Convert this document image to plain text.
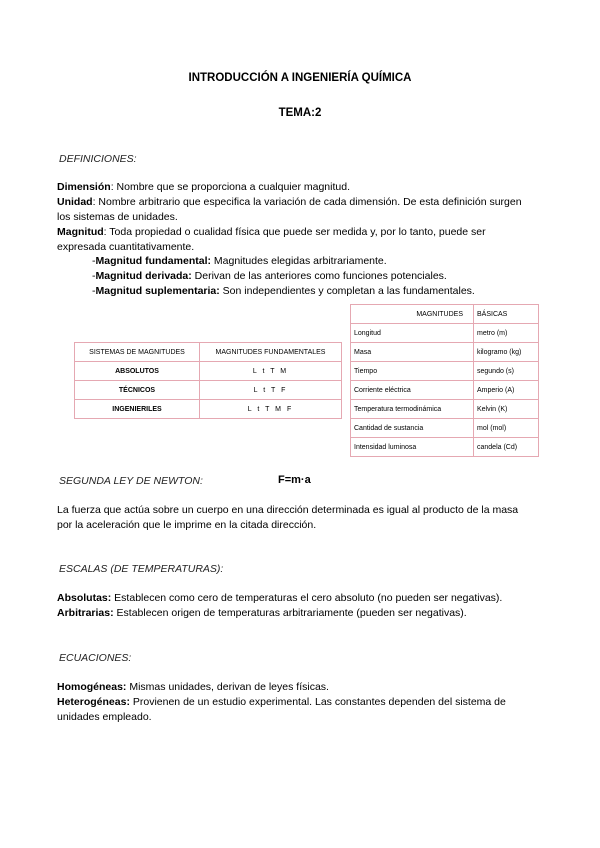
INTRODUCCIÓN A INGENIERÍA QUÍMICA
TEMA:2
DEFINICIONES:
Dimensión: Nombre que se proporciona a cualquier magnitud.
Unidad: Nombre arbitrario que especifica la variación de cada dimensión. De esta definición surgen los sistemas de unidades.
Magnitud: Toda propiedad o cualidad física que puede ser medida y, por lo tanto, puede ser expresada cuantitativamente.
-Magnitud fundamental: Magnitudes elegidas arbitrariamente.
-Magnitud derivada: Derivan de las anteriores como funciones potenciales.
-Magnitud suplementaria: Son independientes y completan a las fundamentales.
SISTEMAS DE MAGNITUDES	MAGNITUDES FUNDAMENTALES
ABSOLUTOS	L t T M
TÉCNICOS	L t T F
INGENIERILES	L t T M F
MAGNITUDES	BÁSICAS
Longitud	metro (m)
Masa	kilogramo (kg)
Tiempo	segundo (s)
Corriente eléctrica	Amperio (A)
Temperatura termodinámica	Kelvin (K)
Cantidad de sustancia	mol (mol)
Intensidad luminosa	candela (Cd)
SEGUNDA LEY DE NEWTON:	F=m·a
La fuerza que actúa sobre un cuerpo en una dirección determinada es igual al producto de la masa por la aceleración que le imprime en la citada dirección.
ESCALAS (DE TEMPERATURAS):
Absolutas: Establecen como cero de temperaturas el cero absoluto (no pueden ser negativas).
Arbitrarias: Establecen origen de temperaturas arbitrariamente (pueden ser negativas).
ECUACIONES:
Homogéneas: Mismas unidades, derivan de leyes físicas.
Heterogéneas: Provienen de un estudio experimental. Las constantes dependen del sistema de unidades empleado.
